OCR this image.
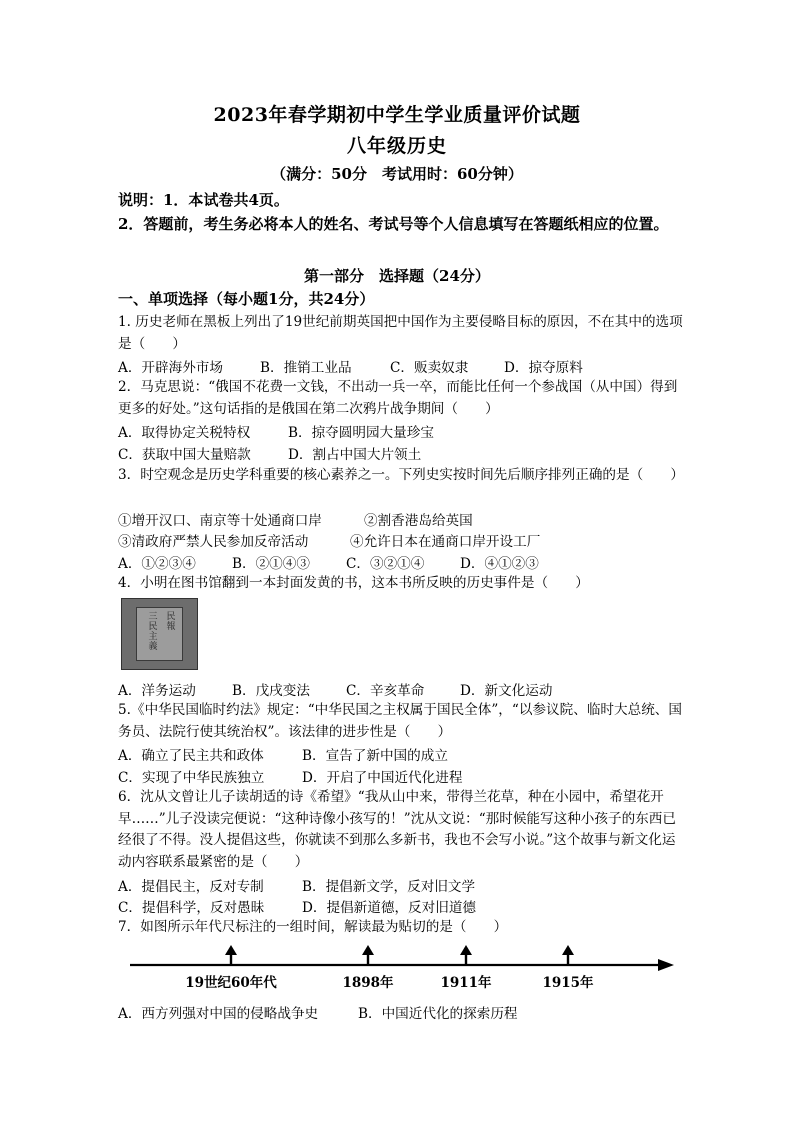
2023年春学期初中学生学业质量评价试题
八年级历史
（满分：50分　考试用时：60分钟）
说明：1．本试卷共4页。
2．答题前，考生务必将本人的姓名、考试号等个人信息填写在答题纸相应的位置。
第一部分　选择题（24分）
一、单项选择（每小题1分，共24分）
1. 历史老师在黑板上列出了19世纪前期英国把中国作为主要侵略目标的原因，不在其中的选项是（　　）
A．开辟海外市场	B．推销工业品	C．贩卖奴隶	D．掠夺原料
2．马克思说：“俄国不花费一文钱，不出动一兵一卒，而能比任何一个参战国（从中国）得到更多的好处。”这句话指的是俄国在第二次鸦片战争期间（　　）
A．取得协定关税特权	B．掠夺圆明园大量珍宝
C．获取中国大量赔款	D．割占中国大片领土
3．时空观念是历史学科重要的核心素养之一。下列史实按时间先后顺序排列正确的是（　　）
①增开汉口、南京等十处通商口岸	②割香港岛给英国
③清政府严禁人民参加反帝活动	④允许日本在通商口岸开设工厂
A．①②③④	B．②①④③	C．③②①④	D．④①②③
4．小明在图书馆翻到一本封面发黄的书，这本书所反映的历史事件是（　　）
民報
三民主義
A．洋务运动	B．戊戌变法	C．辛亥革命	D．新文化运动
5.《中华民国临时约法》规定：“中华民国之主权属于国民全体”，“以参议院、临时大总统、国务员、法院行使其统治权”。该法律的进步性是（　　）
A．确立了民主共和政体	B．宣告了新中国的成立
C．实现了中华民族独立	D．开启了中国近代化进程
6．沈从文曾让儿子读胡适的诗《希望》“我从山中来，带得兰花草，种在小园中，希望花开早……”儿子没读完便说：“这种诗像小孩写的！”沈从文说：“那时候能写这种小孩子的东西已经很了不得。没人提倡这些，你就读不到那么多新书，我也不会写小说。”这个故事与新文化运动内容联系最紧密的是（　　）
A．提倡民主，反对专制	B．提倡新文学，反对旧文学
C．提倡科学，反对愚昧	D．提倡新道德，反对旧道德
7．如图所示年代尺标注的一组时间，解读最为贴切的是（　　）
19世纪60年代	1898年	1911年	1915年
A．西方列强对中国的侵略战争史	B．中国近代化的探索历程
